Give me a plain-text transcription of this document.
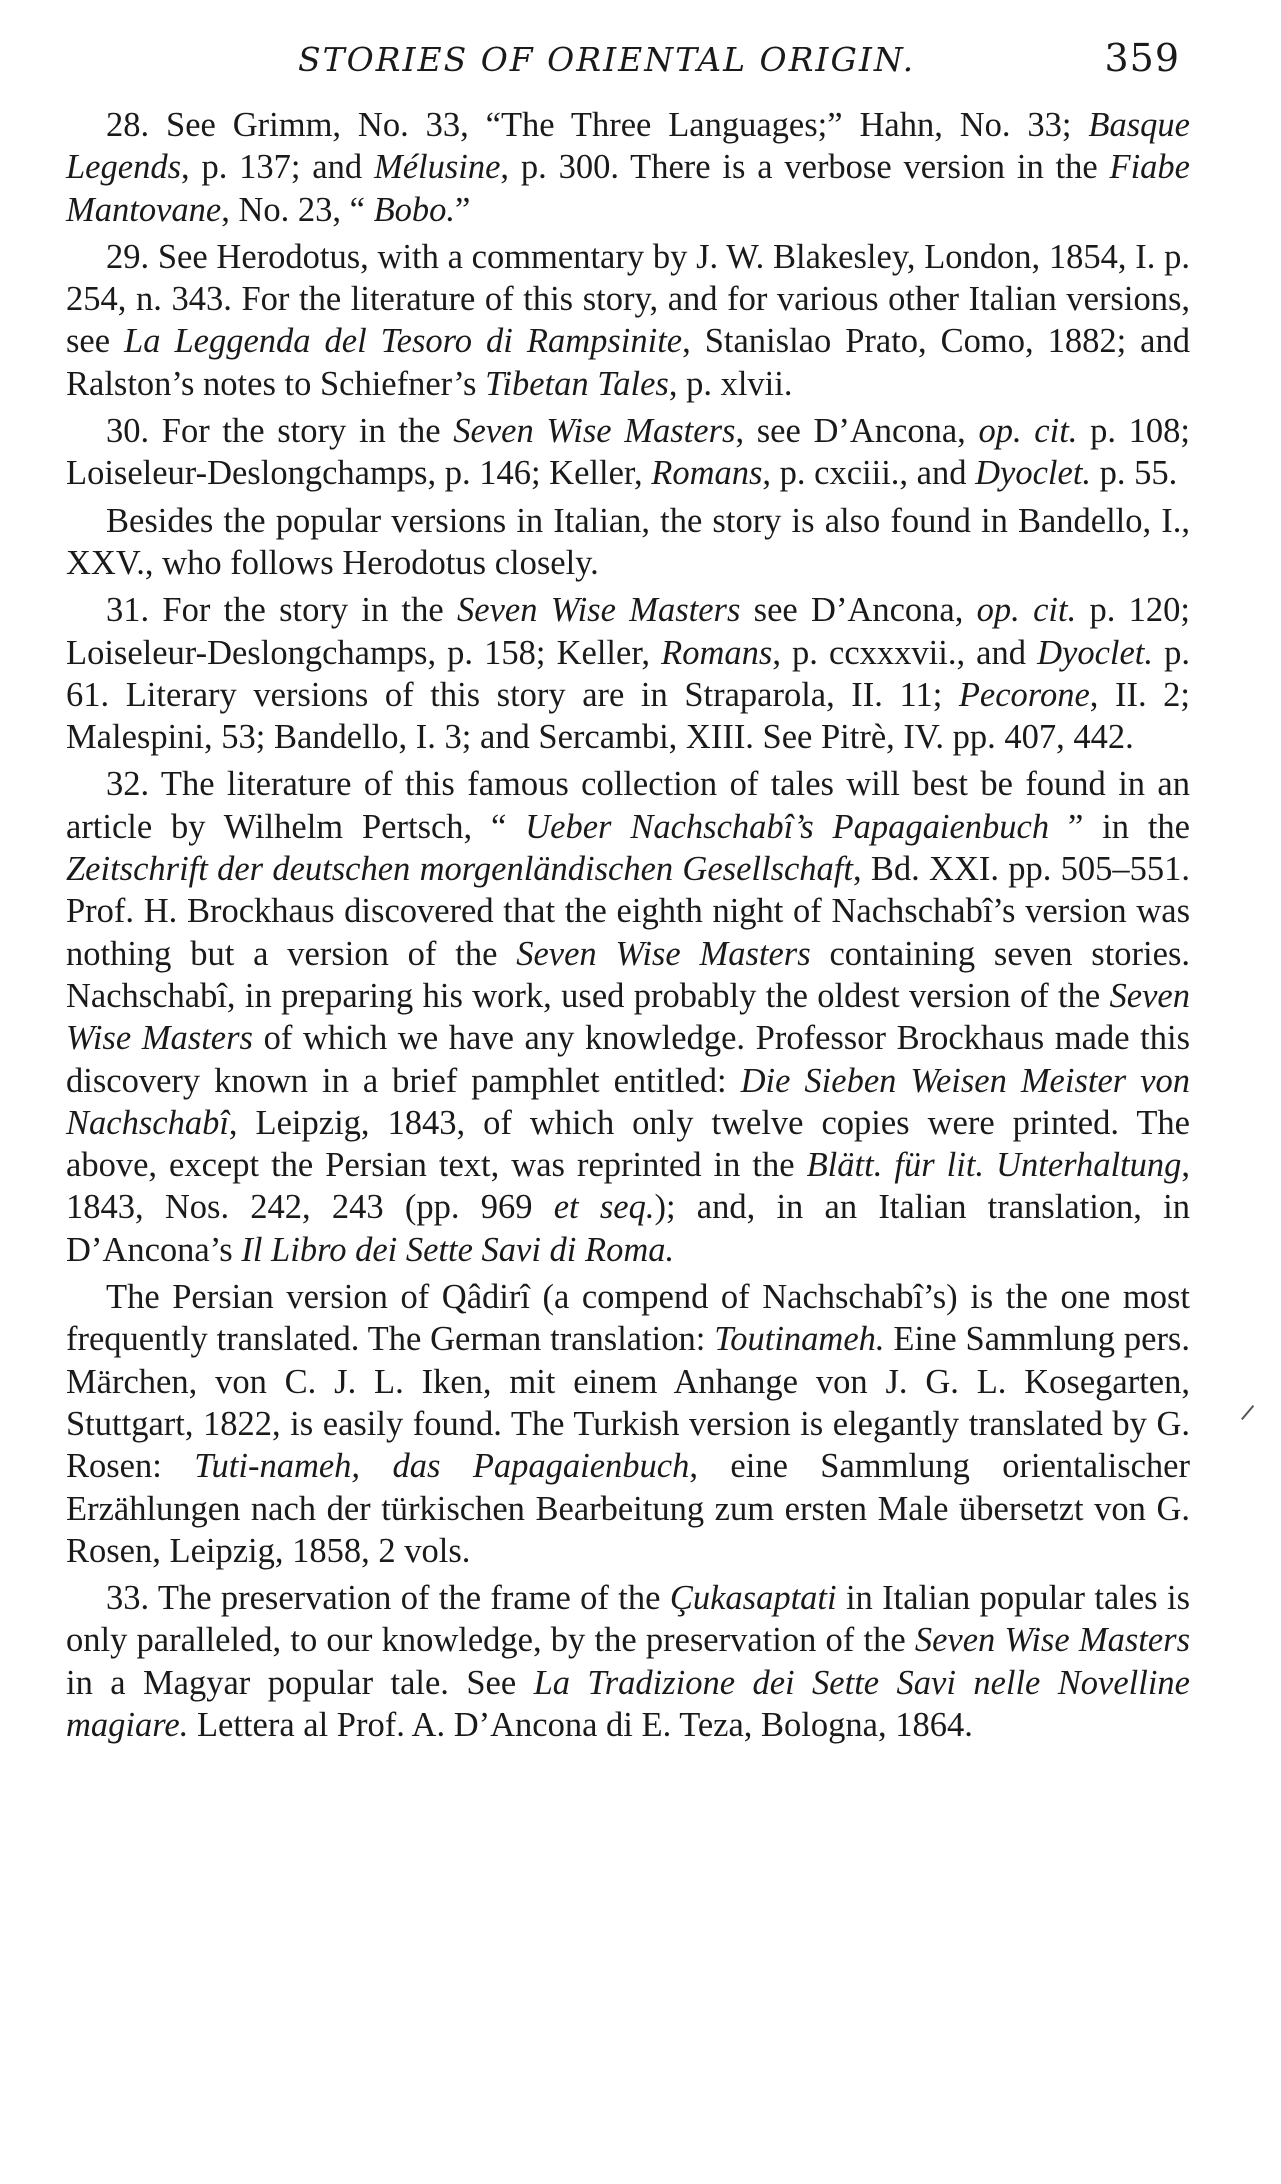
STORIES OF ORIENTAL ORIGIN.	359

28. See Grimm, No. 33, “The Three Languages;” Hahn, No. 33; Basque Legends, p. 137; and Mélusine, p. 300. There is a verbose version in the Fiabe Mantovane, No. 23, “ Bobo.”

29. See Herodotus, with a commentary by J. W. Blakesley, London, 1854, I. p. 254, n. 343. For the literature of this story, and for various other Italian versions, see La Leggenda del Tesoro di Rampsinite, Stanislao Prato, Como, 1882; and Ralston’s notes to Schiefner’s Tibetan Tales, p. xlvii.

30. For the story in the Seven Wise Masters, see D’Ancona, op. cit. p. 108; Loiseleur-Deslongchamps, p. 146; Keller, Romans, p. cxciii., and Dyoclet. p. 55.

Besides the popular versions in Italian, the story is also found in Bandello, I., XXV., who follows Herodotus closely.

31. For the story in the Seven Wise Masters see D’Ancona, op. cit. p. 120; Loiseleur-Deslongchamps, p. 158; Keller, Romans, p. ccxxxvii., and Dyoclet. p. 61. Literary versions of this story are in Straparola, II. 11; Pecorone, II. 2; Malespini, 53; Bandello, I. 3; and Sercambi, XIII. See Pitrè, IV. pp. 407, 442.

32. The literature of this famous collection of tales will best be found in an article by Wilhelm Pertsch, “ Ueber Nachschabî’s Papagaienbuch ” in the Zeitschrift der deutschen morgenländischen Gesellschaft, Bd. XXI. pp. 505–551. Prof. H. Brockhaus discovered that the eighth night of Nachschabî’s version was nothing but a version of the Seven Wise Masters containing seven stories. Nachschabî, in preparing his work, used probably the oldest version of the Seven Wise Masters of which we have any knowledge. Professor Brockhaus made this discovery known in a brief pamphlet entitled: Die Sieben Weisen Meister von Nachschabî, Leipzig, 1843, of which only twelve copies were printed. The above, except the Persian text, was reprinted in the Blätt. für lit. Unterhaltung, 1843, Nos. 242, 243 (pp. 969 et seq.); and, in an Italian translation, in D’Ancona’s Il Libro dei Sette Savi di Roma.

The Persian version of Qâdirî (a compend of Nachschabî’s) is the one most frequently translated. The German translation: Toutinameh. Eine Sammlung pers. Märchen, von C. J. L. Iken, mit einem Anhange von J. G. L. Kosegarten, Stuttgart, 1822, is easily found. The Turkish version is elegantly translated by G. Rosen: Tuti-nameh, das Papagaienbuch, eine Sammlung orientalischer Erzählungen nach der türkischen Bearbeitung zum ersten Male übersetzt von G. Rosen, Leipzig, 1858, 2 vols.

33. The preservation of the frame of the Çukasaptati in Italian popular tales is only paralleled, to our knowledge, by the preservation of the Seven Wise Masters in a Magyar popular tale. See La Tradizione dei Sette Savi nelle Novelline magiare. Lettera al Prof. A. D’Ancona di E. Teza, Bologna, 1864.
